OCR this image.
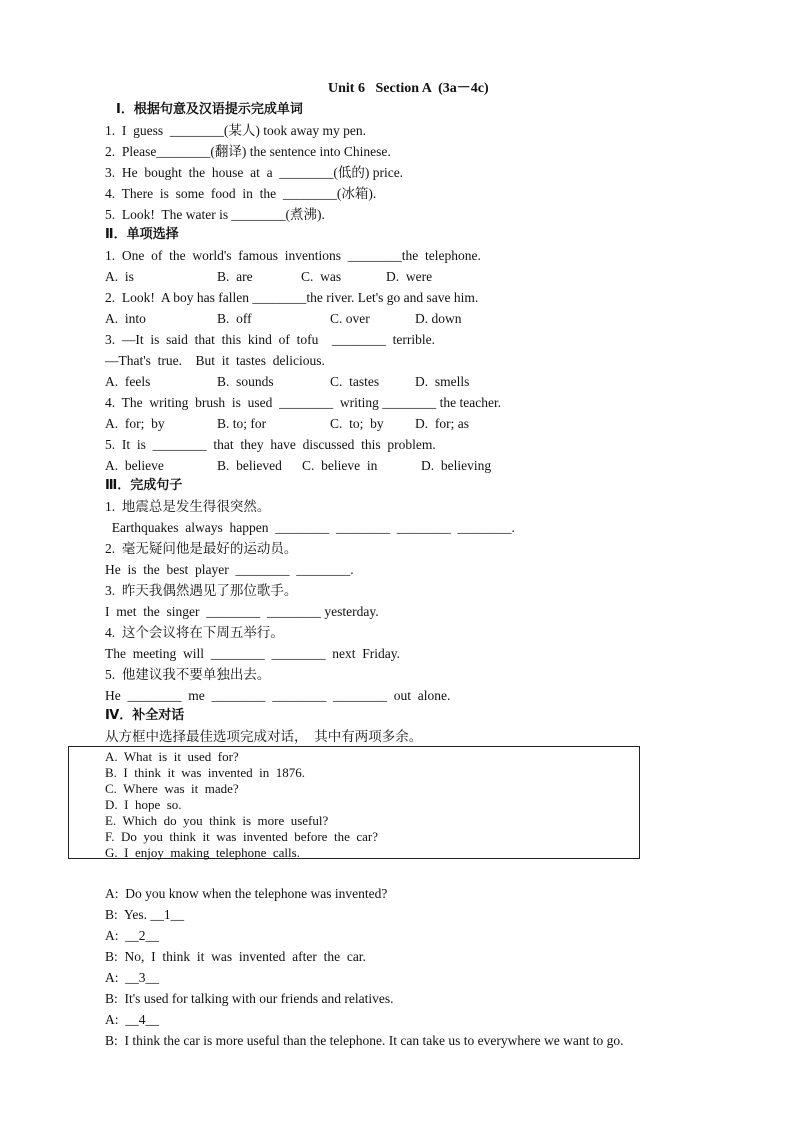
Unit 6   Section A  (3a－4c)
Ⅰ．根据句意及汉语提示完成单词
1.  I  guess  ________(某人) took away my pen.
2.  Please________(翻译) the sentence into Chinese.
3.  He  bought  the  house  at  a  ________(低的) price.
4.  There  is  some  food  in  the  ________(冰箱).
5.  Look!  The water is ________(煮沸).
Ⅱ．单项选择
1.  One  of  the  world's  famous  inventions  ________the  telephone.
A.  is	B.  are	C.  was	D.  were
2.  Look!  A boy has fallen ________the river. Let's go and save him.
A.  into	B.  off	C. over	D. down
3.  —It  is  said  that  this  kind  of  tofu    ________  terrible.
—That's  true.    But  it  tastes  delicious.
A.  feels	B.  sounds	C.  tastes	D.  smells
4.  The  writing  brush  is  used  ________  writing ________ the teacher.
A.  for;  by	B. to; for	C.  to;  by D.  for; as
5.  It  is  ________  that  they  have  discussed  this  problem.
A.  believe	B.  believed C.  believe  in	D.  believing
Ⅲ．完成句子
1.  地震总是发生得很突然。
Earthquakes  always  happen  ________  ________  ________  ________.
2.  毫无疑问他是最好的运动员。
He  is  the  best  player  ________  ________.
3.  昨天我偶然遇见了那位歌手。
I  met  the  singer  ________  ________ yesterday.
4.  这个会议将在下周五举行。
The  meeting  will  ________  ________  next  Friday.
5.  他建议我不要单独出去。
He  ________  me  ________  ________  ________  out  alone.
Ⅳ．补全对话
从方框中选择最佳选项完成对话，  其中有两项多余。
A.  What  is  it  used  for?
B.  I  think  it  was  invented  in  1876.
C.  Where  was  it  made?
D.  I  hope  so.
E.  Which  do  you  think  is  more  useful?
F.  Do  you  think  it  was  invented  before  the  car?
G.  I  enjoy  making  telephone  calls.
A:  Do you know when the telephone was invented?
B:  Yes. __1__
A:  __2__
B:  No,  I  think  it  was  invented  after  the  car.
A:  __3__
B:  It's used for talking with our friends and relatives.
A:  __4__
B:  I think the car is more useful than the telephone. It can take us to everywhere we want to go.
